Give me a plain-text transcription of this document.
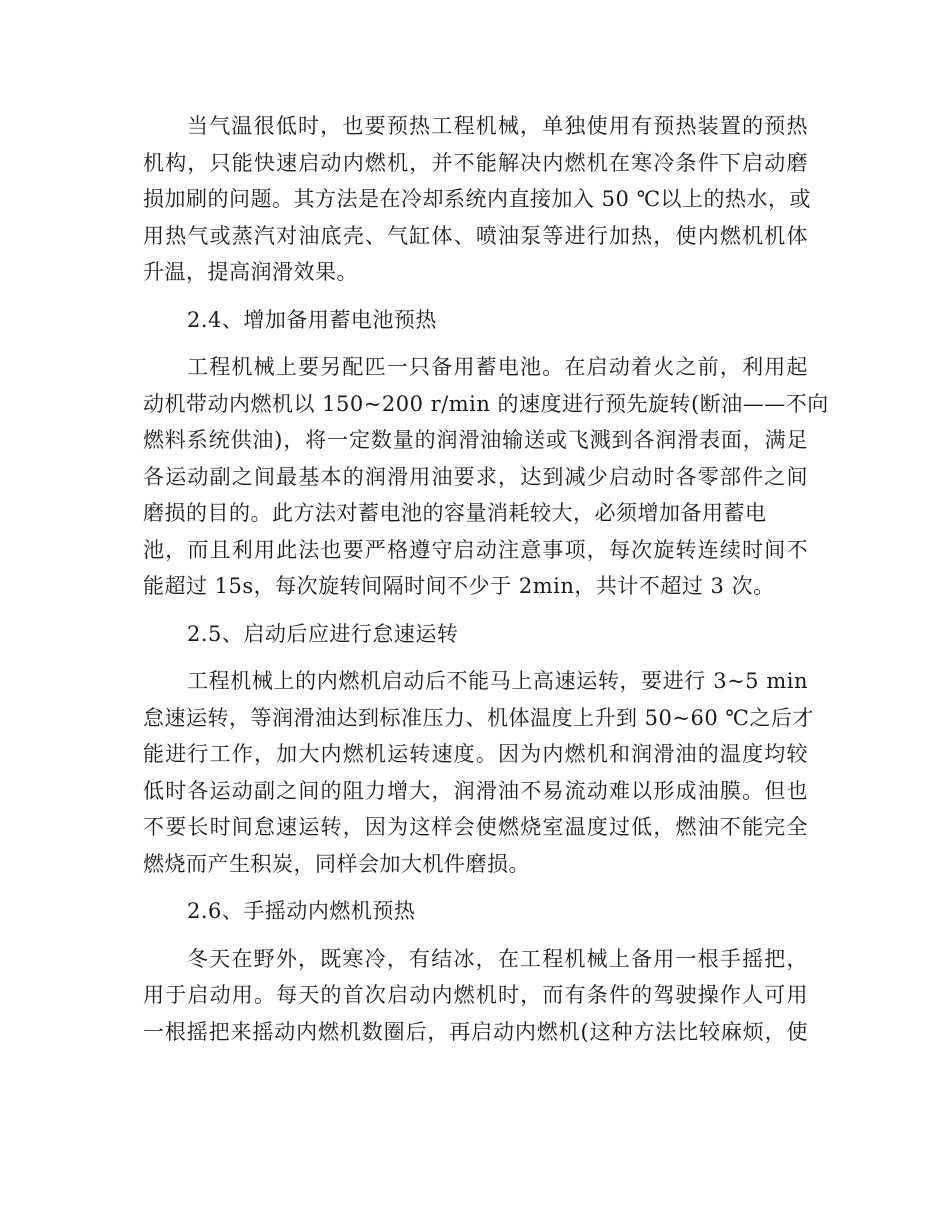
当气温很低时，也要预热工程机械，单独使用有预热装置的预热
机构，只能快速启动内燃机，并不能解决内燃机在寒冷条件下启动磨
损加刷的问题。其方法是在冷却系统内直接加入 50 ℃以上的热水，或
用热气或蒸汽对油底壳、气缸体、喷油泵等进行加热，使内燃机机体
升温，提高润滑效果。
2.4、增加备用蓄电池预热
工程机械上要另配匹一只备用蓄电池。在启动着火之前，利用起
动机带动内燃机以 150~200 r/min 的速度进行预先旋转(断油——不向
燃料系统供油)，将一定数量的润滑油输送或飞溅到各润滑表面，满足
各运动副之间最基本的润滑用油要求，达到减少启动时各零部件之间
磨损的目的。此方法对蓄电池的容量消耗较大，必须增加备用蓄电
池，而且利用此法也要严格遵守启动注意事项，每次旋转连续时间不
能超过 15s，每次旋转间隔时间不少于 2min，共计不超过 3 次。
2.5、启动后应进行怠速运转
工程机械上的内燃机启动后不能马上高速运转，要进行 3~5 min
怠速运转，等润滑油达到标准压力、机体温度上升到 50~60 ℃之后才
能进行工作，加大内燃机运转速度。因为内燃机和润滑油的温度均较
低时各运动副之间的阻力增大，润滑油不易流动难以形成油膜。但也
不要长时间怠速运转，因为这样会使燃烧室温度过低，燃油不能完全
燃烧而产生积炭，同样会加大机件磨损。
2.6、手摇动内燃机预热
冬天在野外，既寒冷，有结冰，在工程机械上备用一根手摇把，
用于启动用。每天的首次启动内燃机时，而有条件的驾驶操作人可用
一根摇把来摇动内燃机数圈后，再启动内燃机(这种方法比较麻烦，使
